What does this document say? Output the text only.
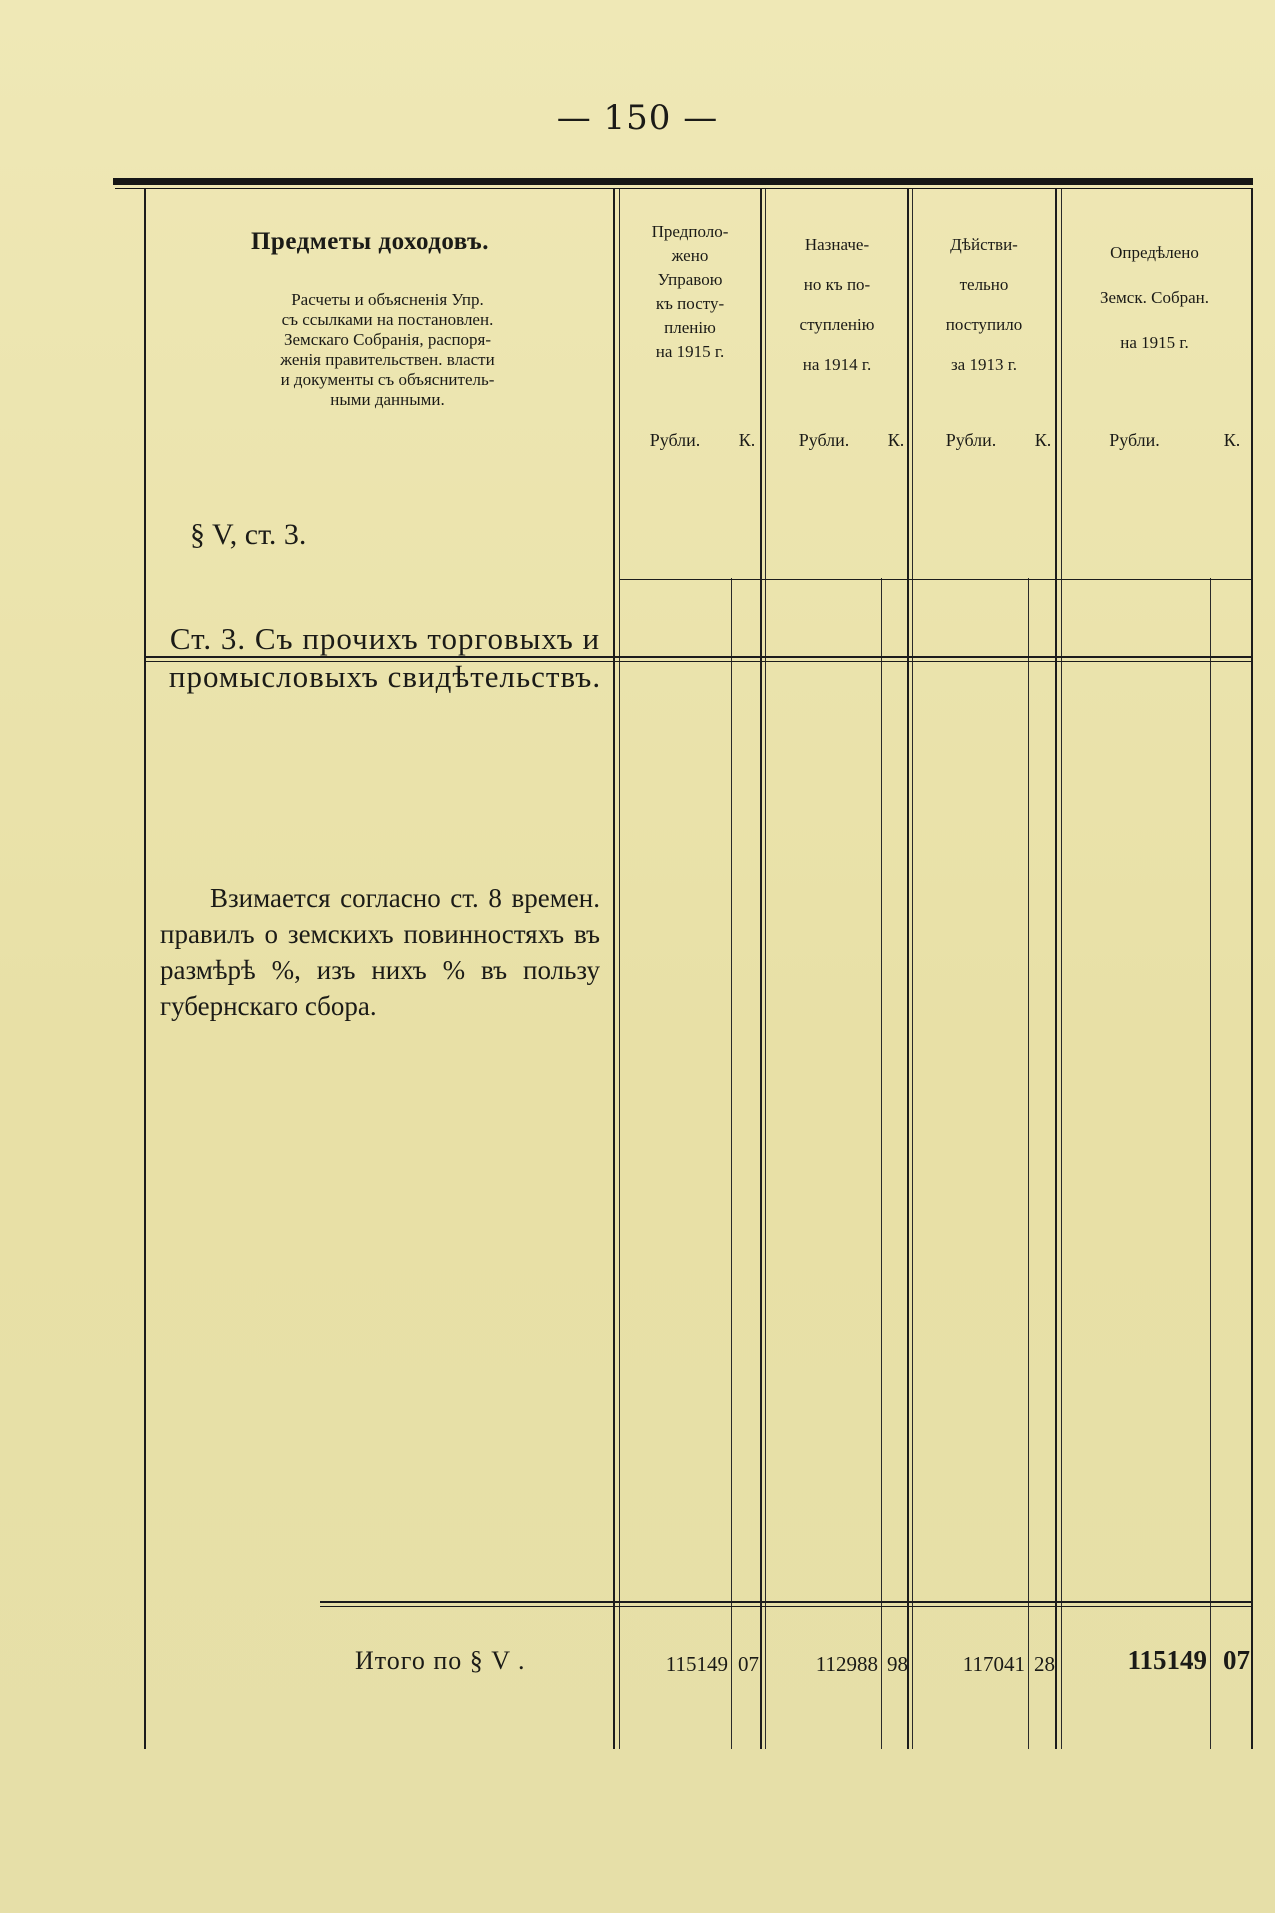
— 150 —
Предметы доходовъ.
Расчеты и объясненія Упр.
съ ссылками на постановлен.
Земскаго Собранія, распоря-
женія правительствен. власти
и документы съ объяснитель-
ными данными.
Предполо-
жено
Управою
къ посту-
пленію
на 1915 г.
Назначе-
но къ по-
ступленію
на 1914 г.
Дѣйстви-
тельно
поступило
за 1913 г.
Опредѣлено
Земск. Собран.
на 1915 г.
Рубли.	К.	Рубли.	К.	Рубли.	К.	Рубли.	К.
§ V, ст. 3.
Ст. 3. Съ прочихъ торговыхъ и промысловыхъ свидѣтельствъ.

Взимается согласно ст. 8 времен. правилъ о земскихъ повинностяхъ въ размѣрѣ %, изъ нихъ % въ пользу губернскаго сбора.

Итого по § V .	115149 07	112988 98	117041 28	115149 07
